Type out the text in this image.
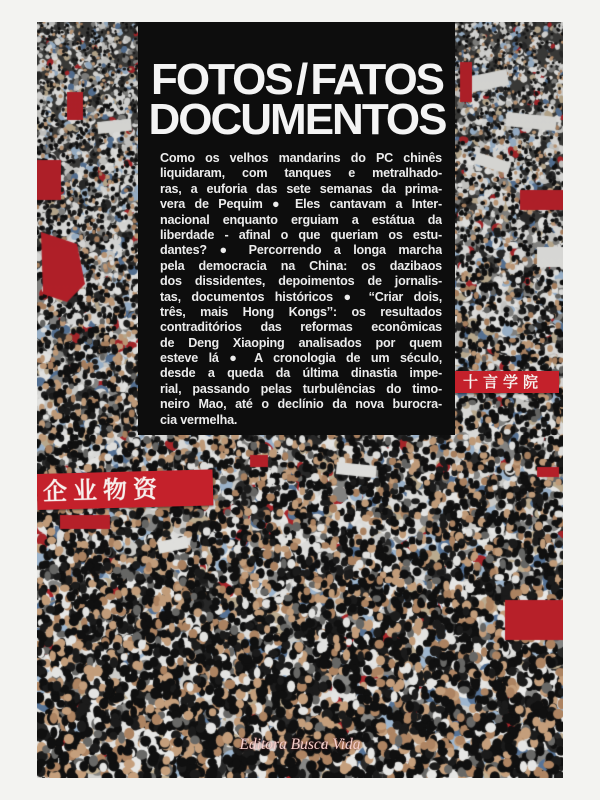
企业物资
十言学院
FOTOS / FATOS
DOCUMENTOS
Como os velhos mandarins do PC chinês
liquidaram, com tanques e metralhado-
ras, a euforia das sete semanas da prima-
vera de Pequim ● Eles cantavam a Inter-
nacional enquanto erguiam a estátua da
liberdade - afinal o que queriam os estu-
dantes? ● Percorrendo a longa marcha
pela democracia na China: os dazibaos
dos dissidentes, depoimentos de jornalis-
tas, documentos históricos ● ‘‘Criar dois,
três, mais Hong Kongs’’: os resultados
contraditórios das reformas econômicas
de Deng Xiaoping analisados por quem
esteve lá ● A cronologia de um século,
desde a queda da última dinastia impe-
rial, passando pelas turbulências do timo-
neiro Mao, até o declínio da nova burocra-
cia vermelha.
Editora Busca Vida
